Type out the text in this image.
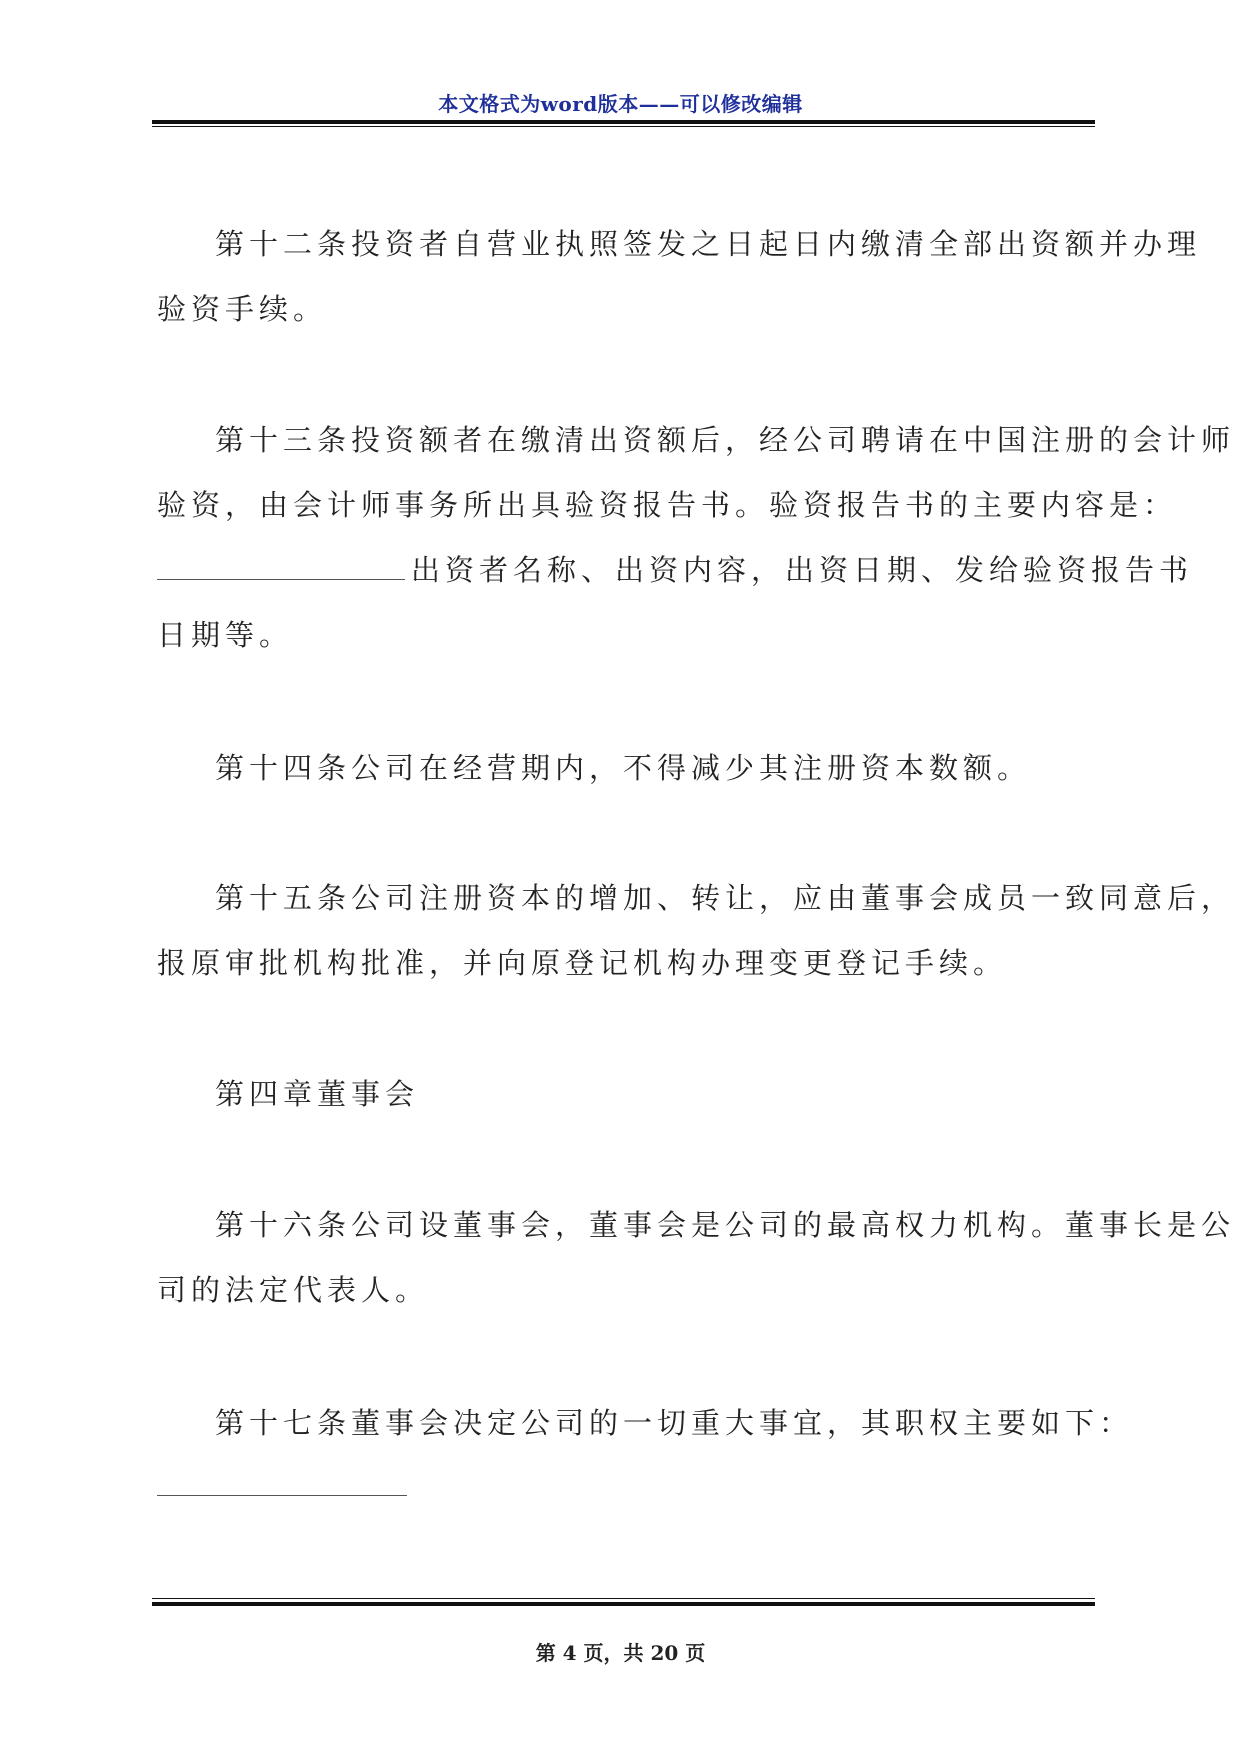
本文格式为word版本——可以修改编辑
第十二条投资者自营业执照签发之日起日内缴清全部出资额并办理
验资手续。
第十三条投资额者在缴清出资额后，经公司聘请在中国注册的会计师
验资，由会计师事务所出具验资报告书。验资报告书的主要内容是：
出资者名称、出资内容，出资日期、发给验资报告书
日期等。
第十四条公司在经营期内，不得减少其注册资本数额。
第十五条公司注册资本的增加、转让，应由董事会成员一致同意后，
报原审批机构批准，并向原登记机构办理变更登记手续。
第四章董事会
第十六条公司设董事会，董事会是公司的最高权力机构。董事长是公
司的法定代表人。
第十七条董事会决定公司的一切重大事宜，其职权主要如下：
第 4 页，共 20 页
